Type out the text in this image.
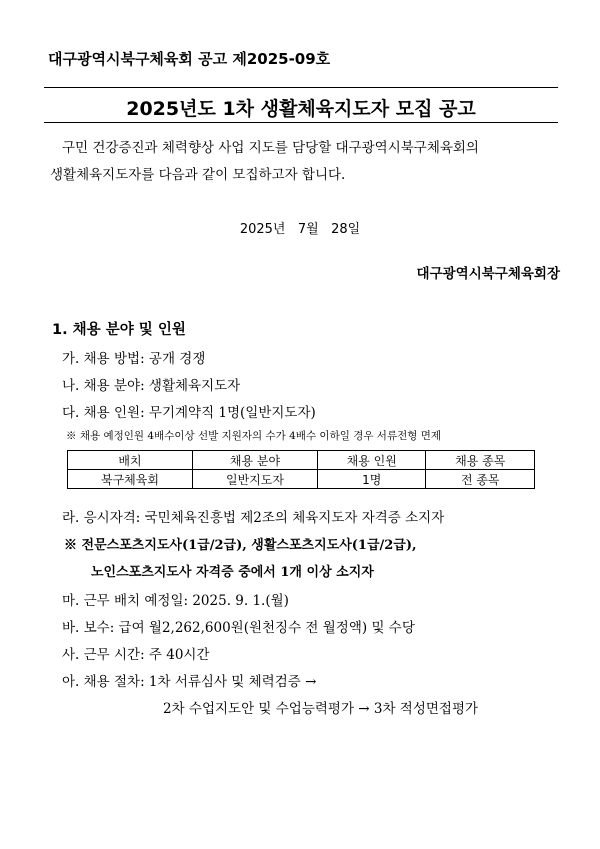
대구광역시북구체육회 공고 제2025-09호
2025년도 1차 생활체육지도자 모집 공고
구민 건강증진과 체력향상 사업 지도를 담당할 대구광역시북구체육회의
생활체육지도자를 다음과 같이 모집하고자 합니다.
2025년   7월   28일
대구광역시북구체육회장
1. 채용 분야 및 인원
가. 채용 방법: 공개 경쟁
나. 채용 분야: 생활체육지도자
다. 채용 인원: 무기계약직 1명(일반지도자)
※ 채용 예정인원 4배수이상 선발 지원자의 수가 4배수 이하일 경우 서류전형 면제
배치	채용 분야	채용 인원	채용 종목
북구체육회	일반지도자	1명	전 종목
라. 응시자격: 국민체육진흥법 제2조의 체육지도자 자격증 소지자
※ 전문스포츠지도사(1급/2급), 생활스포츠지도사(1급/2급),
노인스포츠지도사 자격증 중에서 1개 이상 소지자
마. 근무 배치 예정일: 2025. 9. 1.(월)
바. 보수: 급여 월2,262,600원(원천징수 전 월정액) 및 수당
사. 근무 시간: 주 40시간
아. 채용 절차: 1차 서류심사 및 체력검증 →
2차 수업지도안 및 수업능력평가 → 3차 적성면접평가
